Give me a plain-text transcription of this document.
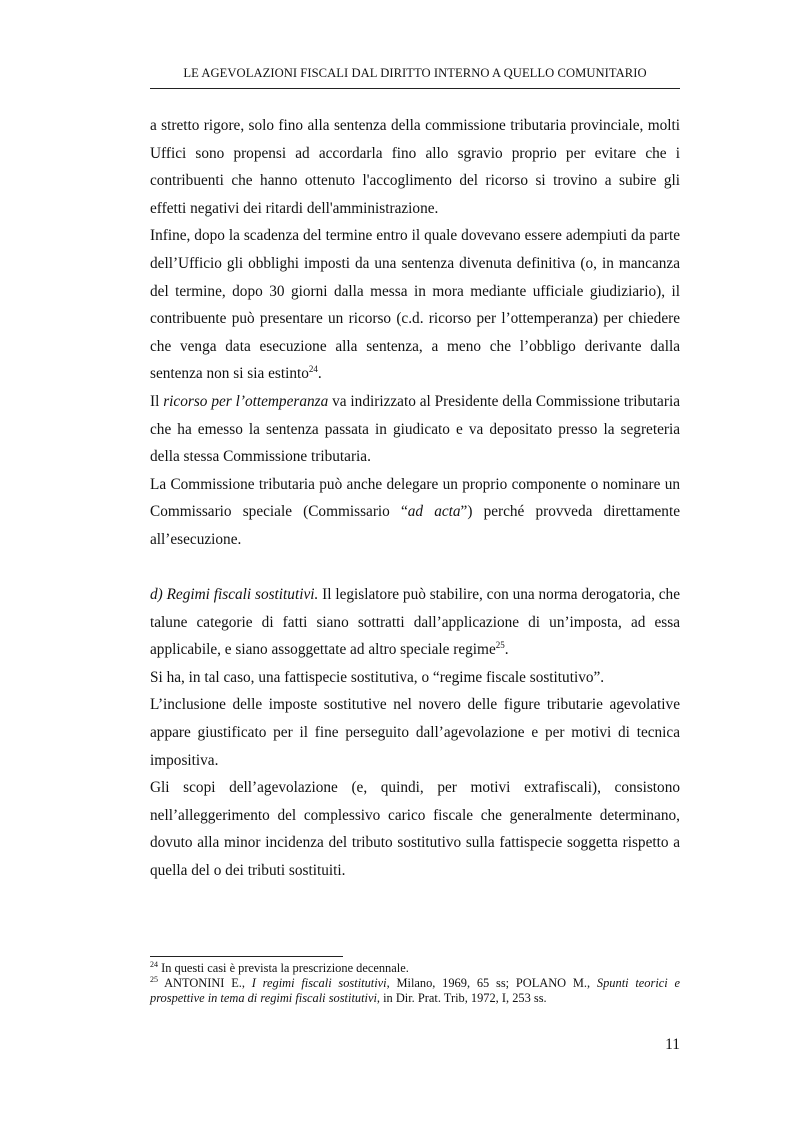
LE AGEVOLAZIONI FISCALI DAL DIRITTO INTERNO A QUELLO COMUNITARIO

a stretto rigore, solo fino alla sentenza della commissione tributaria provinciale, molti Uffici sono propensi ad accordarla fino allo sgravio proprio per evitare che i contribuenti che hanno ottenuto l'accoglimento del ricorso si trovino a subire gli effetti negativi dei ritardi dell'amministrazione.

Infine, dopo la scadenza del termine entro il quale dovevano essere adempiuti da parte dell’Ufficio gli obblighi imposti da una sentenza divenuta definitiva (o, in mancanza del termine, dopo 30 giorni dalla messa in mora mediante ufficiale giudiziario), il contribuente può presentare un ricorso (c.d. ricorso per l’ottemperanza) per chiedere che venga data esecuzione alla sentenza, a meno che l’obbligo derivante dalla sentenza non si sia estinto$^{24}$.

Il ricorso per l’ottemperanza va indirizzato al Presidente della Commissione tributaria che ha emesso la sentenza passata in giudicato e va depositato presso la segreteria della stessa Commissione tributaria.

La Commissione tributaria può anche delegare un proprio componente o nominare un Commissario speciale (Commissario “ad acta”) perché provveda direttamente all’esecuzione.

d) Regimi fiscali sostitutivi. Il legislatore può stabilire, con una norma derogatoria, che talune categorie di fatti siano sottratti dall’applicazione di un’imposta, ad essa applicabile, e siano assoggettate ad altro speciale regime$^{25}$.

Si ha, in tal caso, una fattispecie sostitutiva, o “regime fiscale sostitutivo”.

L’inclusione delle imposte sostitutive nel novero delle figure tributarie agevolative appare giustificato per il fine perseguito dall’agevolazione e per motivi di tecnica impositiva.

Gli scopi dell’agevolazione (e, quindi, per motivi extrafiscali), consistono nell’alleggerimento del complessivo carico fiscale che generalmente determinano, dovuto alla minor incidenza del tributo sostitutivo sulla fattispecie soggetta rispetto a quella del o dei tributi sostituiti.

$^{24}$ In questi casi è prevista la prescrizione decennale.

$^{25}$ ANTONINI E., I regimi fiscali sostitutivi, Milano, 1969, 65 ss; POLANO M., Spunti teorici e prospettive in tema di regimi fiscali sostitutivi, in Dir. Prat. Trib, 1972, I, 253 ss.

11
